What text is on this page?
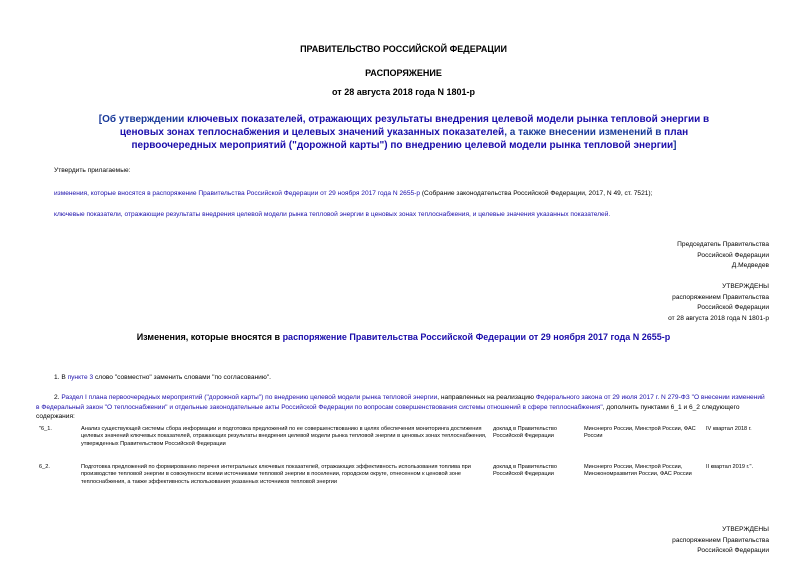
ПРАВИТЕЛЬСТВО РОССИЙСКОЙ ФЕДЕРАЦИИ
РАСПОРЯЖЕНИЕ
от 28 августа 2018 года N 1801-р
[Об утверждении ключевых показателей, отражающих результаты внедрения целевой модели рынка тепловой энергии в ценовых зонах теплоснабжения и целевых значений указанных показателей, а также внесении изменений в план первоочередных мероприятий ("дорожной карты") по внедрению целевой модели рынка тепловой энергии]
Утвердить прилагаемые:
изменения, которые вносятся в распоряжение Правительства Российской Федерации от 29 ноября 2017 года N 2655-р (Собрание законодательства Российской Федерации, 2017, N 49, ст. 7521);
ключевые показатели, отражающие результаты внедрения целевой модели рынка тепловой энергии в ценовых зонах теплоснабжения, и целевые значения указанных показателей.
Председатель Правительства
Российской Федерации
Д.Медведев
УТВЕРЖДЕНЫ
распоряжением Правительства
Российской Федерации
от 28 августа 2018 года N 1801-р
Изменения, которые вносятся в распоряжение Правительства Российской Федерации от 29 ноября 2017 года N 2655-р
1. В пункте 3 слово "совместно" заменить словами "по согласованию".
2. Раздел I плана первоочередных мероприятий ("дорожной карты") по внедрению целевой модели рынка тепловой энергии, направленных на реализацию Федерального закона от 29 июля 2017 г. N 279-ФЗ "О внесении изменений в Федеральный закон "О теплоснабжении" и отдельные законодательные акты Российской Федерации по вопросам совершенствования системы отношений в сфере теплоснабжения", дополнить пунктами 6_1 и 6_2 следующего содержания:
"6_1.	Анализ существующей системы сбора информации и подготовка предложений по ее совершенствованию в целях обеспечения мониторинга достижения целевых значений ключевых показателей, отражающих результаты внедрения целевой модели рынка тепловой энергии в ценовых зонах теплоснабжения, утвержденных Правительством Российской Федерации	доклад в Правительство Российской Федерации	Минэнерго России, Минстрой России, ФАС России	IV квартал 2018 г.
6_2.	Подготовка предложений по формированию перечня интегральных ключевых показателей, отражающих эффективность использования топлива при производстве тепловой энергии в совокупности всеми источниками тепловой энергии в поселении, городском округе, отнесенном к ценовой зоне теплоснабжения, а также эффективность использования указанных источников тепловой энергии	доклад в Правительство Российской Федерации	Минэнерго России, Минстрой России, Минэкономразвития России, ФАС России	II квартал 2019 г.".
УТВЕРЖДЕНЫ
распоряжением Правительства
Российской Федерации
